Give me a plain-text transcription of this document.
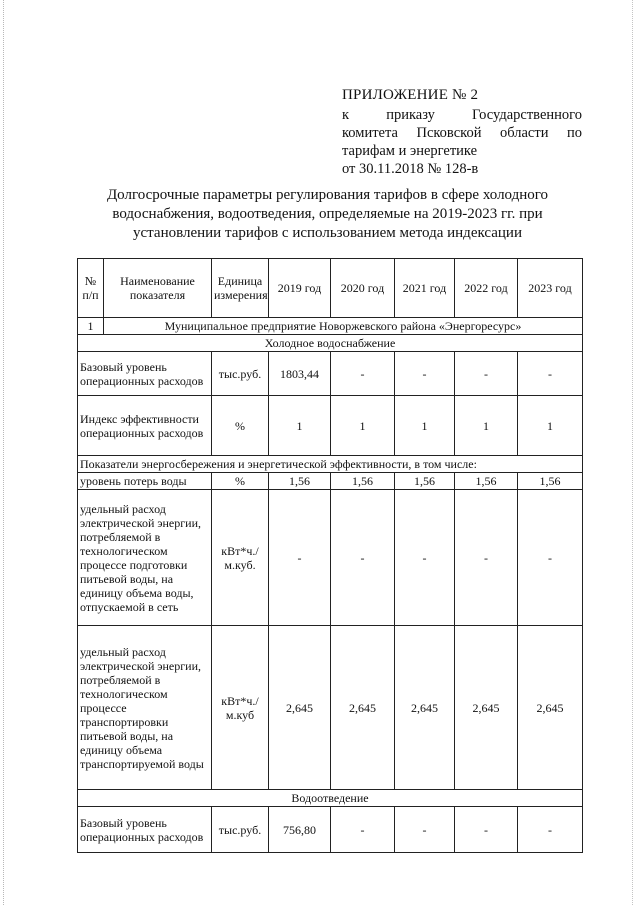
ПРИЛОЖЕНИЕ № 2
к приказу Государственного
комитета Псковской области по
тарифам и энергетике
от 30.11.2018 № 128-в
Долгосрочные параметры регулирования тарифов в сфере холодного водоснабжения, водоотведения, определяемые на 2019-2023 гг. при установлении тарифов с использованием метода индексации
№ п/п	Наименование показателя	Единица измерения	2019 год	2020 год	2021 год	2022 год	2023 год
1	Муниципальное предприятие Новоржевского района «Энергоресурс»						
Холодное водоснабжение							
Базовый уровень операционных расходов		тыс.руб.	1803,44	-	-	-	-
Индекс эффективности операционных расходов		%	1	1	1	1	1
Показатели энергосбережения и энергетической эффективности, в том числе:							
уровень потерь воды		%	1,56	1,56	1,56	1,56	1,56
удельный расход электрической энергии, потребляемой в технологическом процессе подготовки питьевой воды, на единицу объема воды, отпускаемой в сеть		кВт*ч./м.куб.	-	-	-	-	-
удельный расход электрической энергии, потребляемой в технологическом процессе транспортировки питьевой воды, на единицу объема транспортируемой воды		кВт*ч./м.куб	2,645	2,645	2,645	2,645	2,645
Водоотведение							
Базовый уровень операционных расходов		тыс.руб.	756,80	-	-	-	-
